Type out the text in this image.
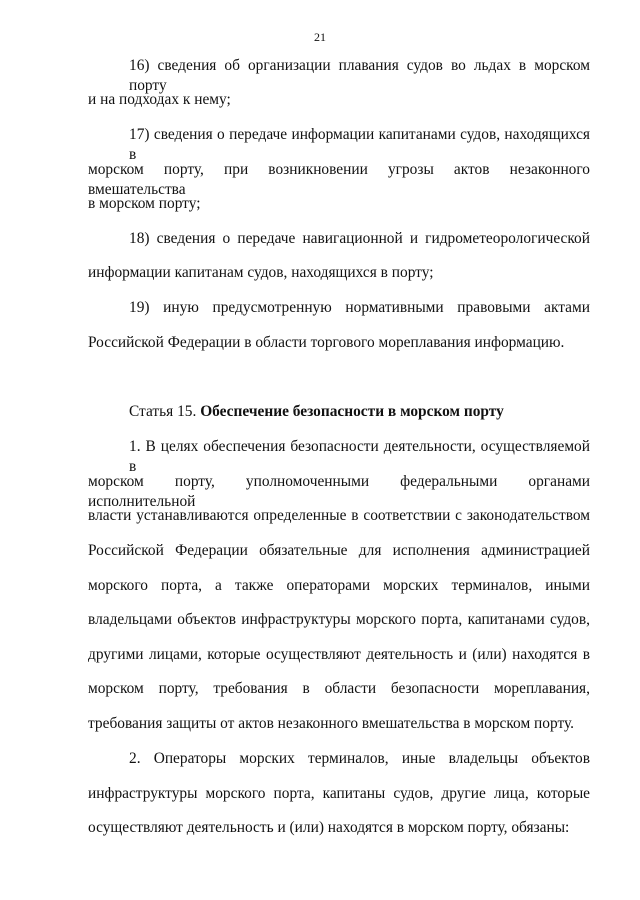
21
16) сведения об организации плавания судов во льдах в морском порту
и на подходах к нему;
17) сведения о передаче информации капитанами судов, находящихся в
морском порту, при возникновении угрозы актов незаконного вмешательства
в морском порту;
18) сведения о передаче навигационной и гидрометеорологической
информации капитанам судов, находящихся в порту;
19) иную предусмотренную нормативными правовыми актами
Российской Федерации в области торгового мореплавания информацию.
Статья 15. Обеспечение безопасности в морском порту
1. В целях обеспечения безопасности деятельности, осуществляемой в
морском порту, уполномоченными федеральными органами исполнительной
власти устанавливаются определенные в соответствии с законодательством
Российской Федерации обязательные для исполнения администрацией
морского порта, а также операторами морских терминалов, иными
владельцами объектов инфраструктуры морского порта, капитанами судов,
другими лицами, которые осуществляют деятельность и (или) находятся в
морском порту, требования в области безопасности мореплавания,
требования защиты от актов незаконного вмешательства в морском порту.
2. Операторы морских терминалов, иные владельцы объектов
инфраструктуры морского порта, капитаны судов, другие лица, которые
осуществляют деятельность и (или) находятся в морском порту, обязаны:
